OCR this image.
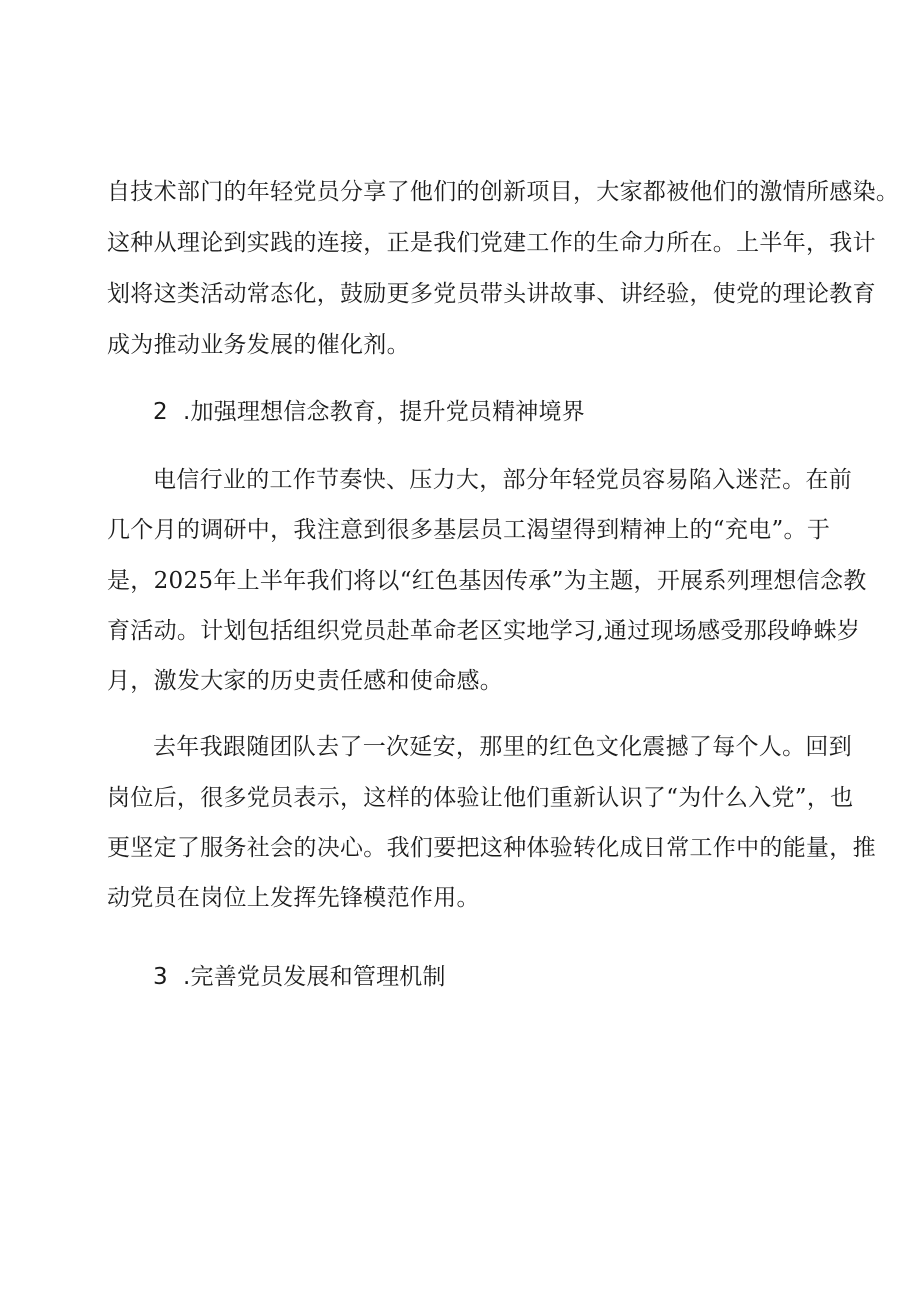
自技术部门的年轻党员分享了他们的创新项目，大家都被他们的激情所感染。

这种从理论到实践的连接，正是我们党建工作的生命力所在。上半年，我计

划将这类活动常态化，鼓励更多党员带头讲故事、讲经验，使党的理论教育

成为推动业务发展的催化剂。

2 .加强理想信念教育，提升党员精神境界

电信行业的工作节奏快、压力大，部分年轻党员容易陷入迷茫。在前

几个月的调研中，我注意到很多基层员工渴望得到精神上的“充电”。于

是，2025年上半年我们将以“红色基因传承”为主题，开展系列理想信念教

育活动。计划包括组织党员赴革命老区实地学习,通过现场感受那段峥蛛岁

月，激发大家的历史责任感和使命感。

去年我跟随团队去了一次延安，那里的红色文化震撼了每个人。回到

岗位后，很多党员表示，这样的体验让他们重新认识了“为什么入党”，也

更坚定了服务社会的决心。我们要把这种体验转化成日常工作中的能量，推

动党员在岗位上发挥先锋模范作用。

3 .完善党员发展和管理机制
